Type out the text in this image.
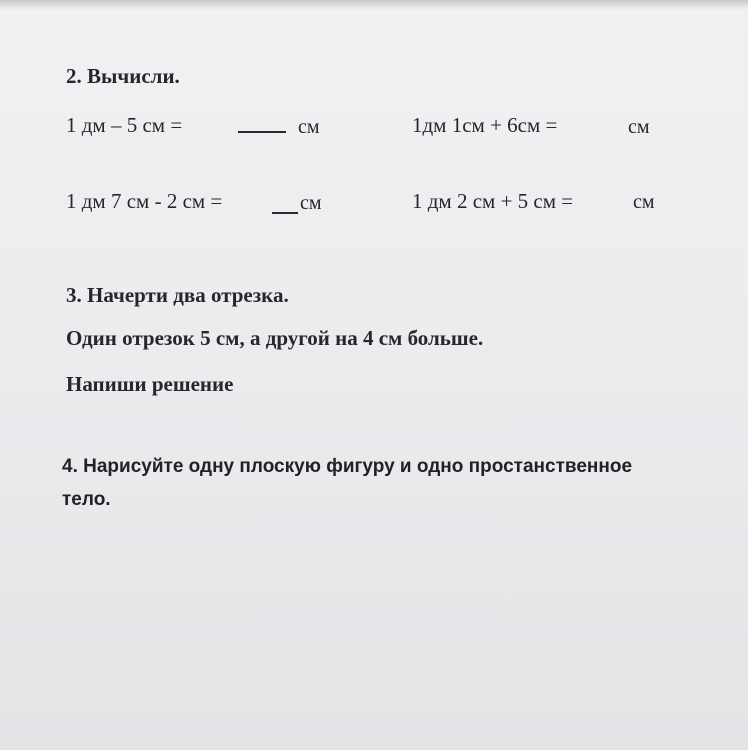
2. Вычисли.
1 дм – 5 см =	см	1дм 1см + 6см =	см
1 дм 7 см - 2 см =	см	1 дм 2 см + 5 см =	см
3. Начерти два отрезка.
Один отрезок 5 см, а другой на 4 см больше.
Напиши решение
4. Нарисуйте одну плоскую фигуру и одно простанственное
тело.
